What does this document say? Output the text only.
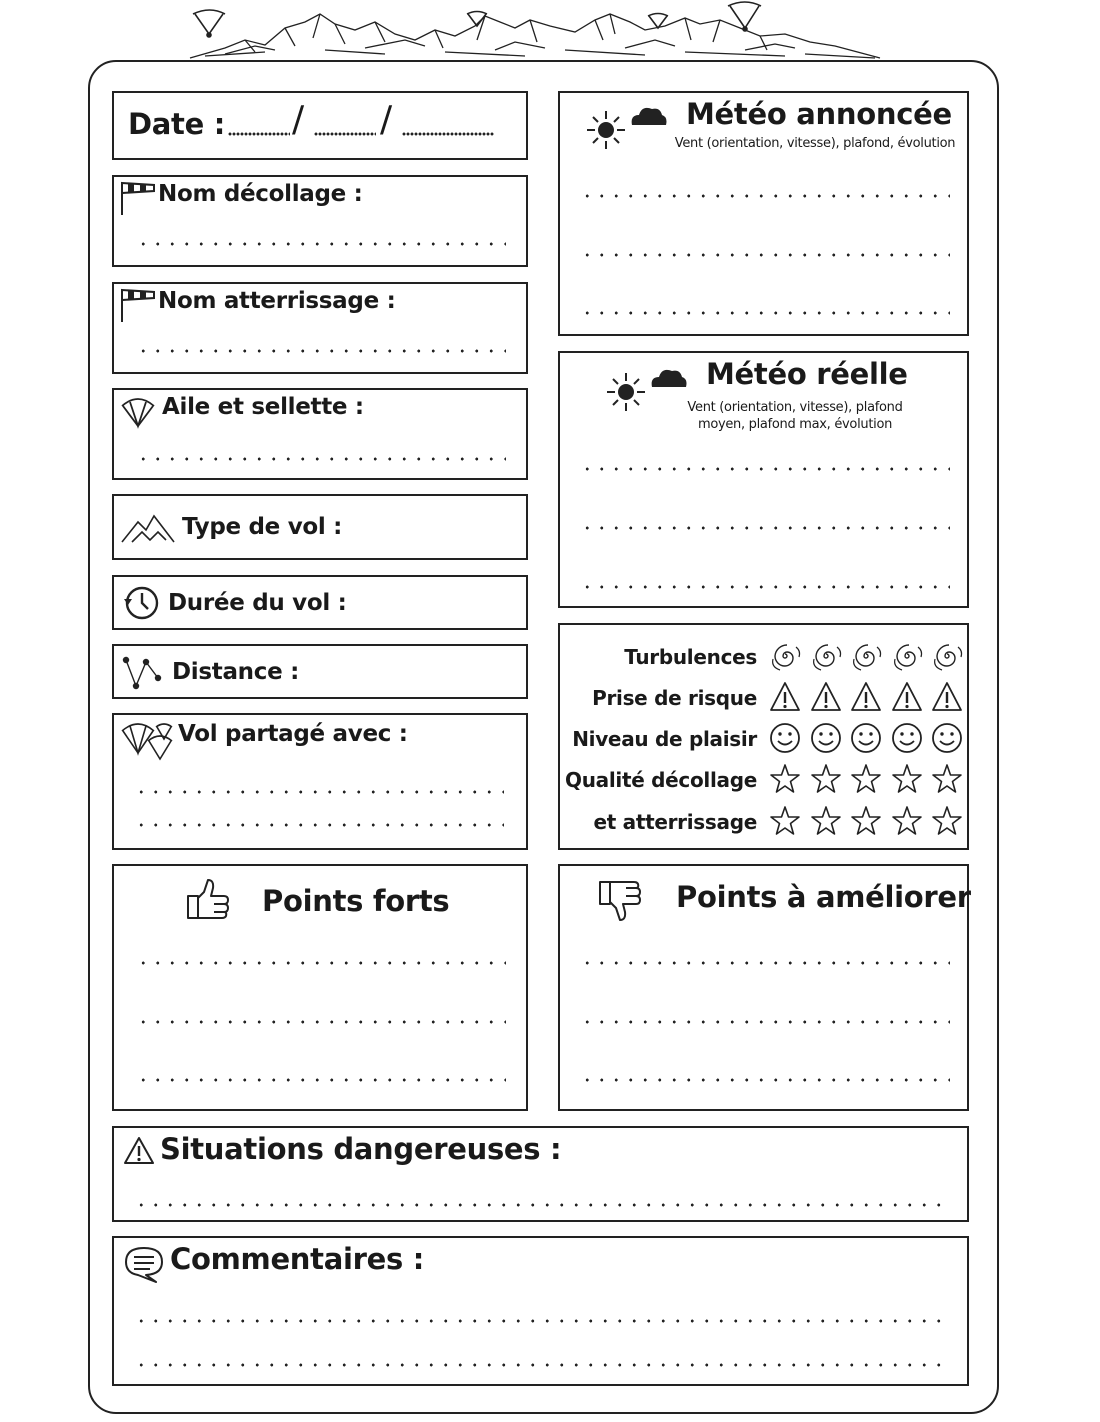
Date : / /
Nom décollage :
Nom atterrissage :
Aile et sellette :
Type de vol :
Durée du vol :
Distance :
Vol partagé avec :
Météo annoncée
Vent (orientation, vitesse), plafond, évolution
Météo réelle
Vent (orientation, vitesse), plafond
moyen, plafond max, évolution
Turbulences
Prise de risque
Niveau de plaisir
Qualité décollage
et atterrissage
Points forts	Points à améliorer
Situations dangereuses :
Commentaires :
